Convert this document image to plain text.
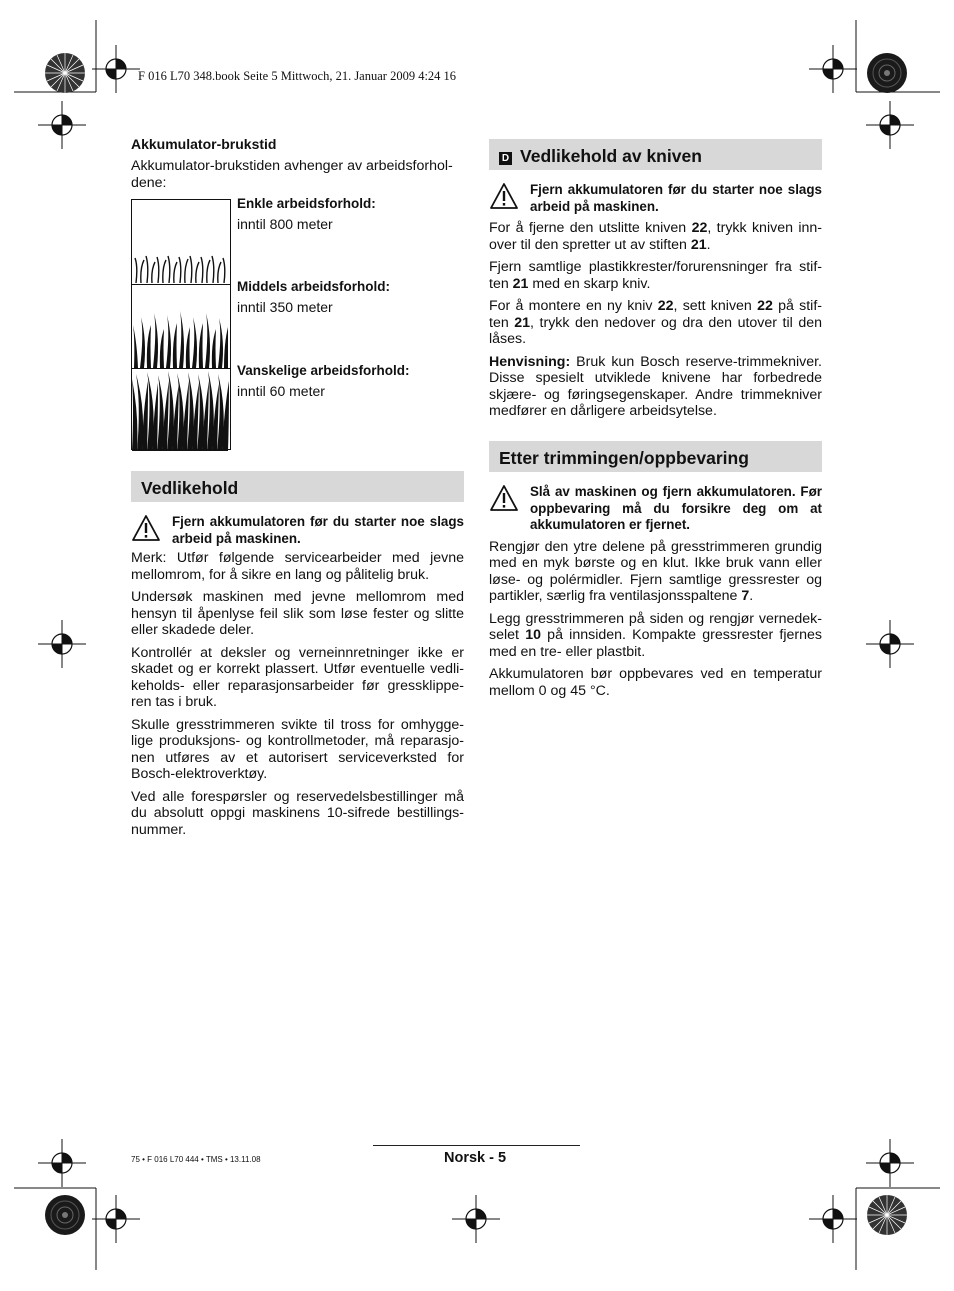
F 016 L70 348.book Seite 5 Mittwoch, 21. Januar 2009 4:24 16
Akkumulator-brukstid

Akkumulator-brukstiden avhenger av arbeidsforhol-dene:

Enkle arbeidsforhold:
inntil 800 meter
Middels arbeidsforhold:
inntil 350 meter
Vanskelige arbeidsforhold:
inntil 60 meter
Vedlikehold
Fjern akkumulatoren før du starter noe slags arbeid på maskinen.

Merk: Utfør følgende servicearbeider med jevne mellomrom, for å sikre en lang og pålitelig bruk.

Undersøk maskinen med jevne mellomrom med hensyn til åpenlyse feil slik som løse fester og slitte eller skadede deler.

Kontrollér at deksler og verneinnretninger ikke er skadet og er korrekt plassert. Utfør eventuelle vedli-keholds- eller reparasjonsarbeider før gressklippe-ren tas i bruk.

Skulle gresstrimmeren svikte til tross for omhygge-lige produksjons- og kontrollmetoder, må reparasjo-nen utføres av et autorisert serviceverksted for Bosch-elektroverktøy.

Ved alle forespørsler og reservedelsbestillinger må du absolutt oppgi maskinens 10-sifrede bestillings-nummer.

D Vedlikehold av kniven
Fjern akkumulatoren før du starter noe slags arbeid på maskinen.

For å fjerne den utslitte kniven 22, trykk kniven inn-over til den spretter ut av stiften 21.

Fjern samtlige plastikkrester/forurensninger fra stif-ten 21 med en skarp kniv.

For å montere en ny kniv 22, sett kniven 22 på stif-ten 21, trykk den nedover og dra den utover til den låses.

Henvisning: Bruk kun Bosch reserve-trimmekniver. Disse spesielt utviklede knivene har forbedrede skjære- og føringsegenskaper. Andre trimmekniver medfører en dårligere arbeidsytelse.

Etter trimmingen/oppbevaring
Slå av maskinen og fjern akkumulatoren. Før oppbevaring må du forsikre deg om at akkumulatoren er fjernet.

Rengjør den ytre delene på gresstrimmeren grundig med en myk børste og en klut. Ikke bruk vann eller løse- og polérmidler. Fjern samtlige gressrester og partikler, særlig fra ventilasjonsspaltene 7.

Legg gresstrimmeren på siden og rengjør vernedek-selet 10 på innsiden. Kompakte gressrester fjernes med en tre- eller plastbit.

Akkumulatoren bør oppbevares ved en temperatur mellom 0 og 45 °C.

75 • F 016 L70 444 • TMS • 13.11.08	Norsk - 5
